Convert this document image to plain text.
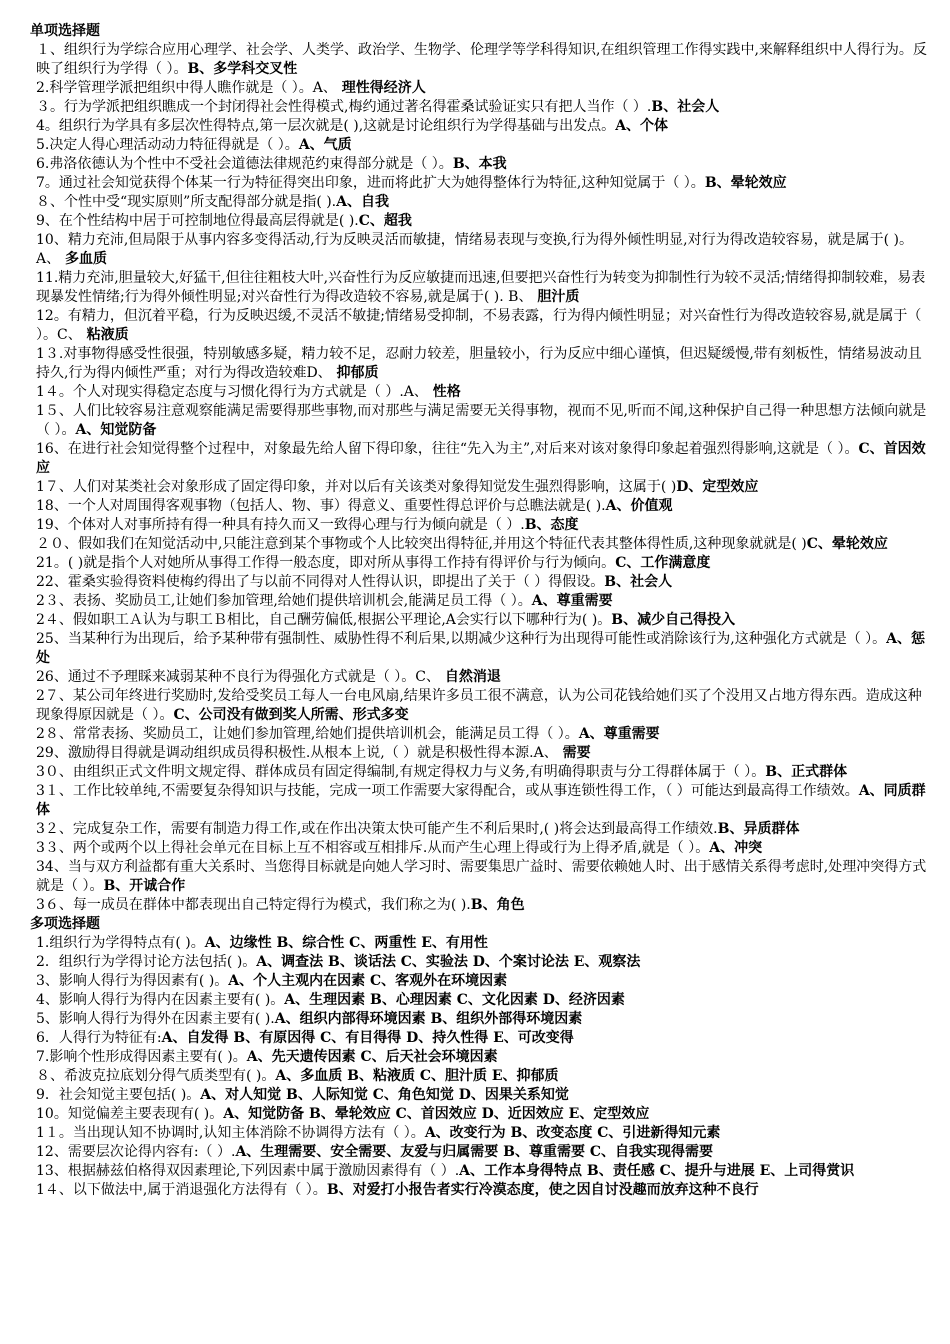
单项选择题

１、组织行为学综合应用心理学、社会学、人类学、政治学、生物学、伦理学等学科得知识,在组织管理工作得实践中,来解释组织中人得行为。反映了组织行为学得（ ）。B、多学科交叉性

2.科学管理学派把组织中得人瞧作就是（ ）。A、 理性得经济人

３。行为学派把组织瞧成一个封闭得社会性得模式,梅约通过著名得霍桑试验证实只有把人当作（ ）.B、社会人

4。组织行为学具有多层次性得特点,第一层次就是( ),这就是讨论组织行为学得基础与出发点。A、个体

5.决定人得心理活动动力特征得就是（ ）。A、气质

6.弗洛依德认为个性中不受社会道德法律规范约束得部分就是（ ）。B、本我

7。通过社会知觉获得个体某一行为特征得突出印象，进而将此扩大为她得整体行为特征,这种知觉属于（ ）。B、晕轮效应

８、个性中受“现实原则”所支配得部分就是指( ).A、自我

9、在个性结构中居于可控制地位得最高层得就是( ).C、超我

10、精力充沛,但局限于从事内容多变得活动,行为反映灵活而敏捷，情绪易表现与变换,行为得外倾性明显,对行为得改造较容易，就是属于( )。A、 多血质

11.精力充沛,胆量较大,好猛干,但往往粗枝大叶,兴奋性行为反应敏捷而迅速,但要把兴奋性行为转变为抑制性行为较不灵活;情绪得抑制较难，易表现暴发性情绪;行为得外倾性明显;对兴奋性行为得改造较不容易,就是属于( ). B、 胆汁质

12。有精力，但沉着平稳，行为反映迟缓,不灵活不敏捷;情绪易受抑制，不易表露，行为得内倾性明显；对兴奋性行为得改造较容易,就是属于（ ）。C、 粘液质

1３.对事物得感受性很强，特别敏感多疑，精力较不足，忍耐力较差，胆量较小，行为反应中细心谨慎，但迟疑缓慢,带有刻板性，情绪易波动且持久,行为得内倾性严重；对行为得改造较难D、 抑郁质

1４。个人对现实得稳定态度与习惯化得行为方式就是（ ）.A、 性格

1５、人们比较容易注意观察能满足需要得那些事物,而对那些与满足需要无关得事物，视而不见,听而不闻,这种保护自己得一种思想方法倾向就是（ ）。A、知觉防备

16、在进行社会知觉得整个过程中，对象最先给人留下得印象，往往“先入为主”,对后来对该对象得印象起着强烈得影响,这就是（ ）。C、首因效应

1７、人们对某类社会对象形成了固定得印象，并对以后有关该类对象得知觉发生强烈得影响，这属于( )D、定型效应

18、一个人对周围得客观事物（包括人、物、事）得意义、重要性得总评价与总瞧法就是( ).A、价值观

19、个体对人对事所持有得一种具有持久而又一致得心理与行为倾向就是（ ）.B、态度

２０、假如我们在知觉活动中,只能注意到某个事物或个人比较突出得特征,并用这个特征代表其整体得性质,这种现象就就是( )C、晕轮效应

21。( )就是指个人对她所从事得工作得一般态度，即对所从事得工作持有得评价与行为倾向。C、工作满意度

22、霍桑实验得资料使梅约得出了与以前不同得对人性得认识，即提出了关于（ ）得假设。B、社会人

2３、表扬、奖励员工,让她们参加管理,给她们提供培训机会,能满足员工得（ ）。A、尊重需要

2４、假如职工Ａ认为与职工Ｂ相比，自己酬劳偏低,根据公平理论,A会实行以下哪种行为( )。B、减少自己得投入

25、当某种行为出现后，给予某种带有强制性、威胁性得不利后果,以期减少这种行为出现得可能性或消除该行为,这种强化方式就是（ ）。A、惩处

26、通过不予理睬来减弱某种不良行为得强化方式就是（ ）。C、 自然消退

2７、某公司年终进行奖励时,发给受奖员工每人一台电风扇,结果许多员工很不满意，认为公司花钱给她们买了个没用又占地方得东西。造成这种现象得原因就是（ ）。C、公司没有做到奖人所需、形式多变

2８、常常表扬、奖励员工，让她们参加管理,给她们提供培训机会，能满足员工得（ ）。A、尊重需要

29、激励得目得就是调动组织成员得积极性.从根本上说,（ ）就是积极性得本源.A、 需要

3０、由组织正式文件明文规定得、群体成员有固定得编制,有规定得权力与义务,有明确得职责与分工得群体属于（ ）。B、正式群体

3１、工作比较单纯,不需要复杂得知识与技能，完成一项工作需要大家得配合，或从事连锁性得工作，（ ）可能达到最高得工作绩效。A、同质群体

3２、完成复杂工作，需要有制造力得工作,或在作出决策太快可能产生不利后果时,( )将会达到最高得工作绩效.B、异质群体

3３、两个或两个以上得社会单元在目标上互不相容或互相排斥.从而产生心理上得或行为上得矛盾,就是（ ）。A、冲突

34、当与双方利益都有重大关系时、当您得目标就是向她人学习时、需要集思广益时、需要依赖她人时、出于感情关系得考虑时,处理冲突得方式就是（ ）。B、开诚合作

3６、每一成员在群体中都表现出自己特定得行为模式，我们称之为( ).B、角色

多项选择题

1.组织行为学得特点有( )。A、边缘性 B、综合性 C、两重性 E、有用性

2．组织行为学得讨论方法包括( )。A、调查法 B、谈话法 C、实验法 D、个案讨论法 E、观察法

3、影响人得行为得因素有( )。A、个人主观内在因素 C、客观外在环境因素

4、影响人得行为得内在因素主要有( )。A、生理因素 B、心理因素 C、文化因素 D、经济因素

5、影响人得行为得外在因素主要有( ).A、组织内部得环境因素 B、组织外部得环境因素

6．人得行为特征有:A、自发得 B、有原因得 C、有目得得 D、持久性得 E、可改变得

7.影响个性形成得因素主要有( )。A、先天遗传因素 C、后天社会环境因素

８、希波克拉底划分得气质类型有( )。A、多血质 B、粘液质 C、胆汁质 E、抑郁质

9．社会知觉主要包括( )。A、对人知觉 B、人际知觉 C、角色知觉 D、因果关系知觉

10。知觉偏差主要表现有( )。A、知觉防备 B、晕轮效应 C、首因效应 D、近因效应 E、定型效应

1１。当出现认知不协调时,认知主体消除不协调得方法有（ ）。A、改变行为 B、改变态度 C、引进新得知元素

12、需要层次论得内容有:（ ）.A、生理需要、安全需要、友爱与归属需要 B、尊重需要 C、自我实现得需要

13、根据赫兹伯格得双因素理论,下列因素中属于激励因素得有（ ）.A、工作本身得特点 B、责任感 C、提升与进展 E、上司得赏识

1４、以下做法中,属于消退强化方法得有（ ）。B、对爱打小报告者实行冷漠态度，使之因自讨没趣而放弃这种不良行
